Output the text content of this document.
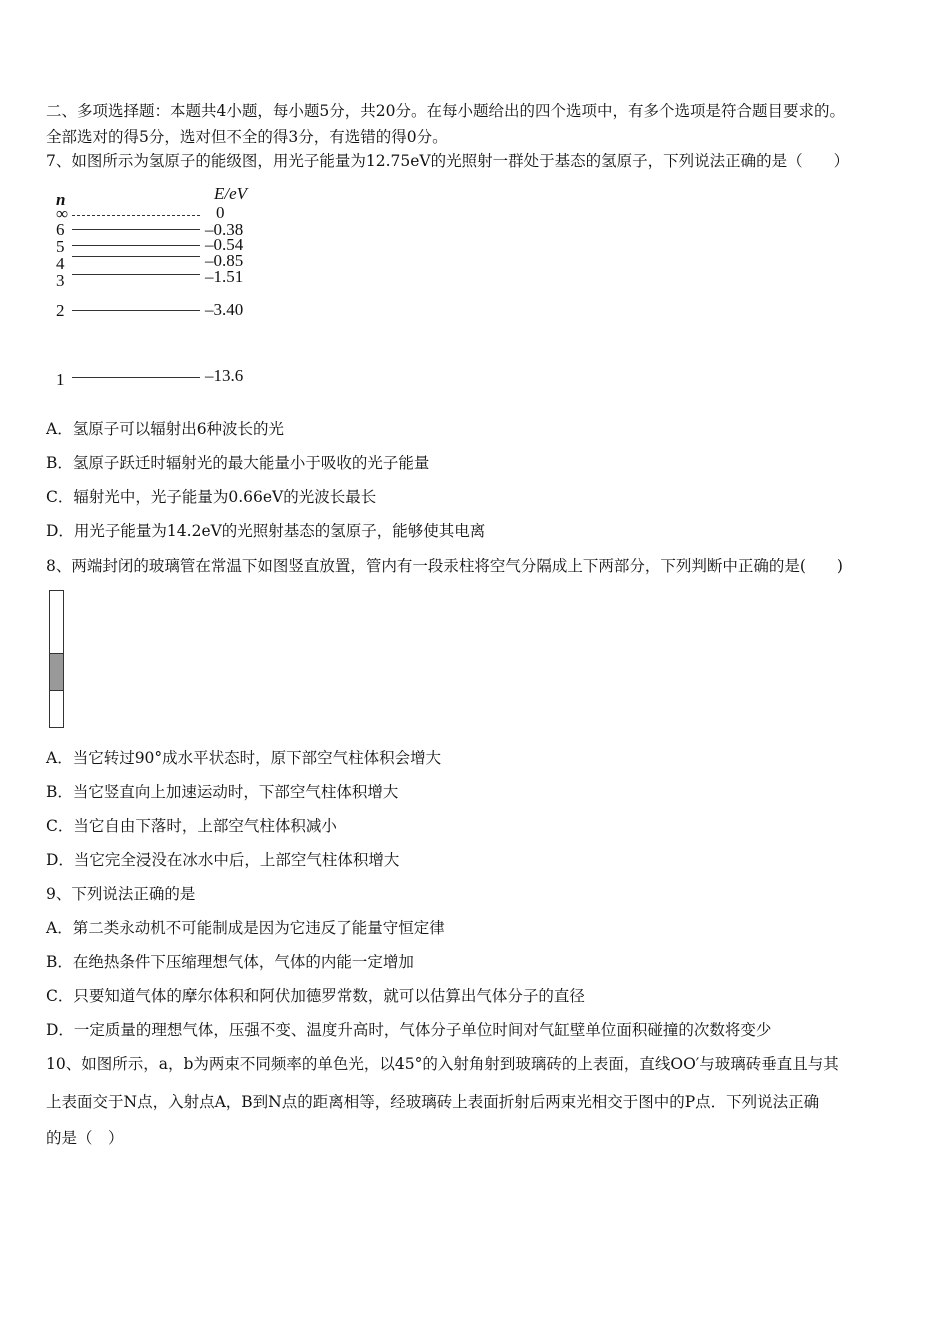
二、多项选择题：本题共4小题，每小题5分，共20分。在每小题给出的四个选项中，有多个选项是符合题目要求的。
全部选对的得5分，选对但不全的得3分，有选错的得0分。
7、如图所示为氢原子的能级图，用光子能量为12.75eV的光照射一群处于基态的氢原子，下列说法正确的是（　　）
n	E/eV
∞	0
6	–0.38
5	–0.54
4	–0.85
3	–1.51
2	–3.40
1	–13.6
A．氢原子可以辐射出6种波长的光
B．氢原子跃迁时辐射光的最大能量小于吸收的光子能量
C．辐射光中，光子能量为0.66eV的光波长最长
D．用光子能量为14.2eV的光照射基态的氢原子，能够使其电离
8、两端封闭的玻璃管在常温下如图竖直放置，管内有一段汞柱将空气分隔成上下两部分，下列判断中正确的是(　　)
A．当它转过90°成水平状态时，原下部空气柱体积会增大
B．当它竖直向上加速运动时，下部空气柱体积增大
C．当它自由下落时，上部空气柱体积减小
D．当它完全浸没在冰水中后，上部空气柱体积增大
9、下列说法正确的是
A．第二类永动机不可能制成是因为它违反了能量守恒定律
B．在绝热条件下压缩理想气体，气体的内能一定增加
C．只要知道气体的摩尔体积和阿伏加德罗常数，就可以估算出气体分子的直径
D．一定质量的理想气体，压强不变、温度升高时，气体分子单位时间对气缸壁单位面积碰撞的次数将变少
10、如图所示，a，b为两束不同频率的单色光，以45°的入射角射到玻璃砖的上表面，直线OO′与玻璃砖垂直且与其
上表面交于N点，入射点A，B到N点的距离相等，经玻璃砖上表面折射后两束光相交于图中的P点．下列说法正确
的是（　）
